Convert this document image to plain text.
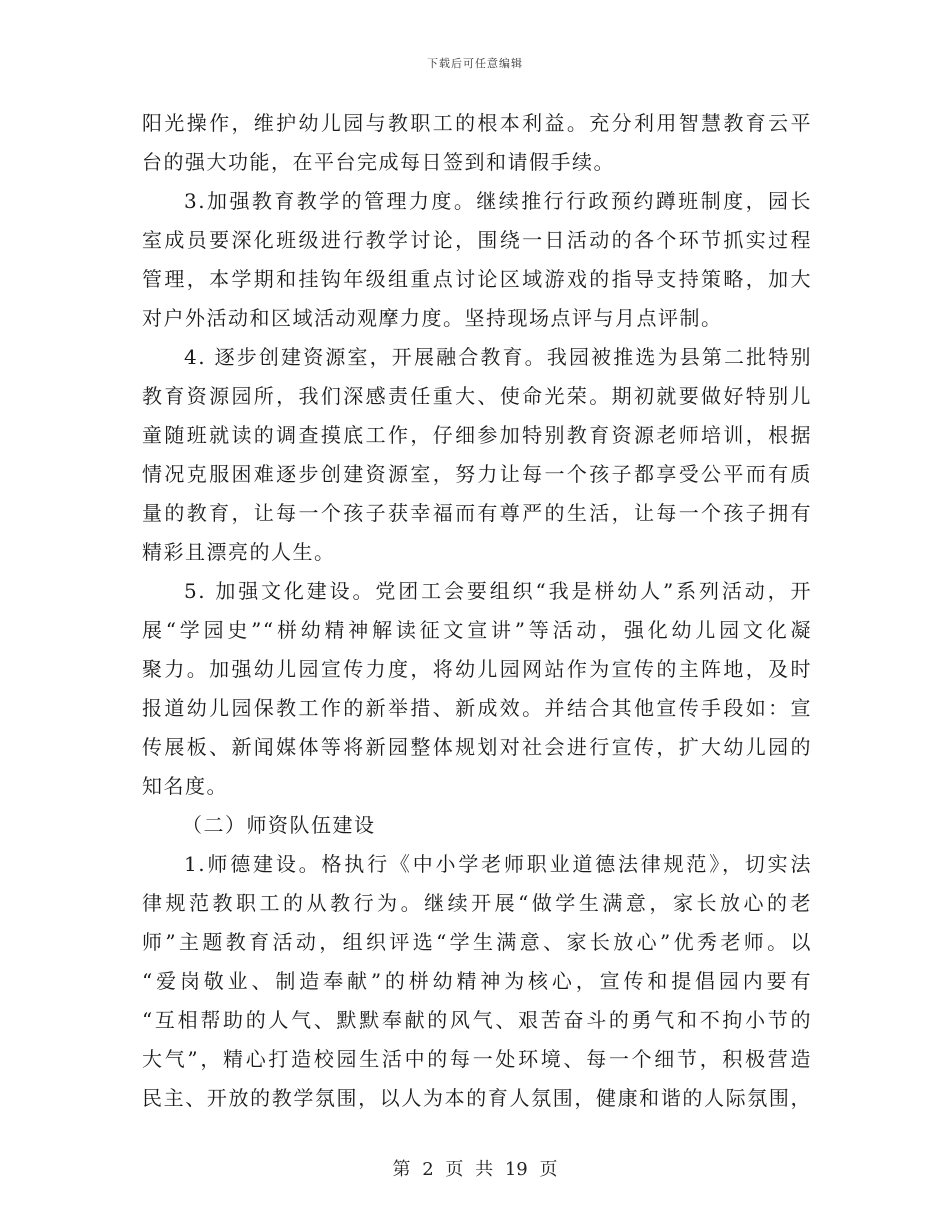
下载后可任意编辑
阳光操作，维护幼儿园与教职工的根本利益。充分利用智慧教育云平
台的强大功能，在平台完成每日签到和请假手续。
3.加强教育教学的管理力度。继续推行行政预约蹲班制度，园长
室成员要深化班级进行教学讨论，围绕一日活动的各个环节抓实过程
管理，本学期和挂钩年级组重点讨论区域游戏的指导支持策略，加大
对户外活动和区域活动观摩力度。坚持现场点评与月点评制。
4. 逐步创建资源室，开展融合教育。我园被推选为县第二批特别
教育资源园所，我们深感责任重大、使命光荣。期初就要做好特别儿
童随班就读的调查摸底工作，仔细参加特别教育资源老师培训，根据
情况克服困难逐步创建资源室，努力让每一个孩子都享受公平而有质
量的教育，让每一个孩子获幸福而有尊严的生活，让每一个孩子拥有
精彩且漂亮的人生。
5. 加强文化建设。党团工会要组织“我是栟幼人”系列活动，开
展“学园史”“栟幼精神解读征文宣讲”等活动，强化幼儿园文化凝
聚力。加强幼儿园宣传力度，将幼儿园网站作为宣传的主阵地，及时
报道幼儿园保教工作的新举措、新成效。并结合其他宣传手段如：宣
传展板、新闻媒体等将新园整体规划对社会进行宣传，扩大幼儿园的
知名度。
（二）师资队伍建设
1.师德建设。格执行《中小学老师职业道德法律规范》，切实法
律规范教职工的从教行为。继续开展“做学生满意，家长放心的老
师”主题教育活动，组织评选“学生满意、家长放心”优秀老师。以
“爱岗敬业、制造奉献”的栟幼精神为核心，宣传和提倡园内要有
“互相帮助的人气、默默奉献的风气、艰苦奋斗的勇气和不拘小节的
大气”，精心打造校园生活中的每一处环境、每一个细节，积极营造
民主、开放的教学氛围，以人为本的育人氛围，健康和谐的人际氛围，
第 2 页 共 19 页
